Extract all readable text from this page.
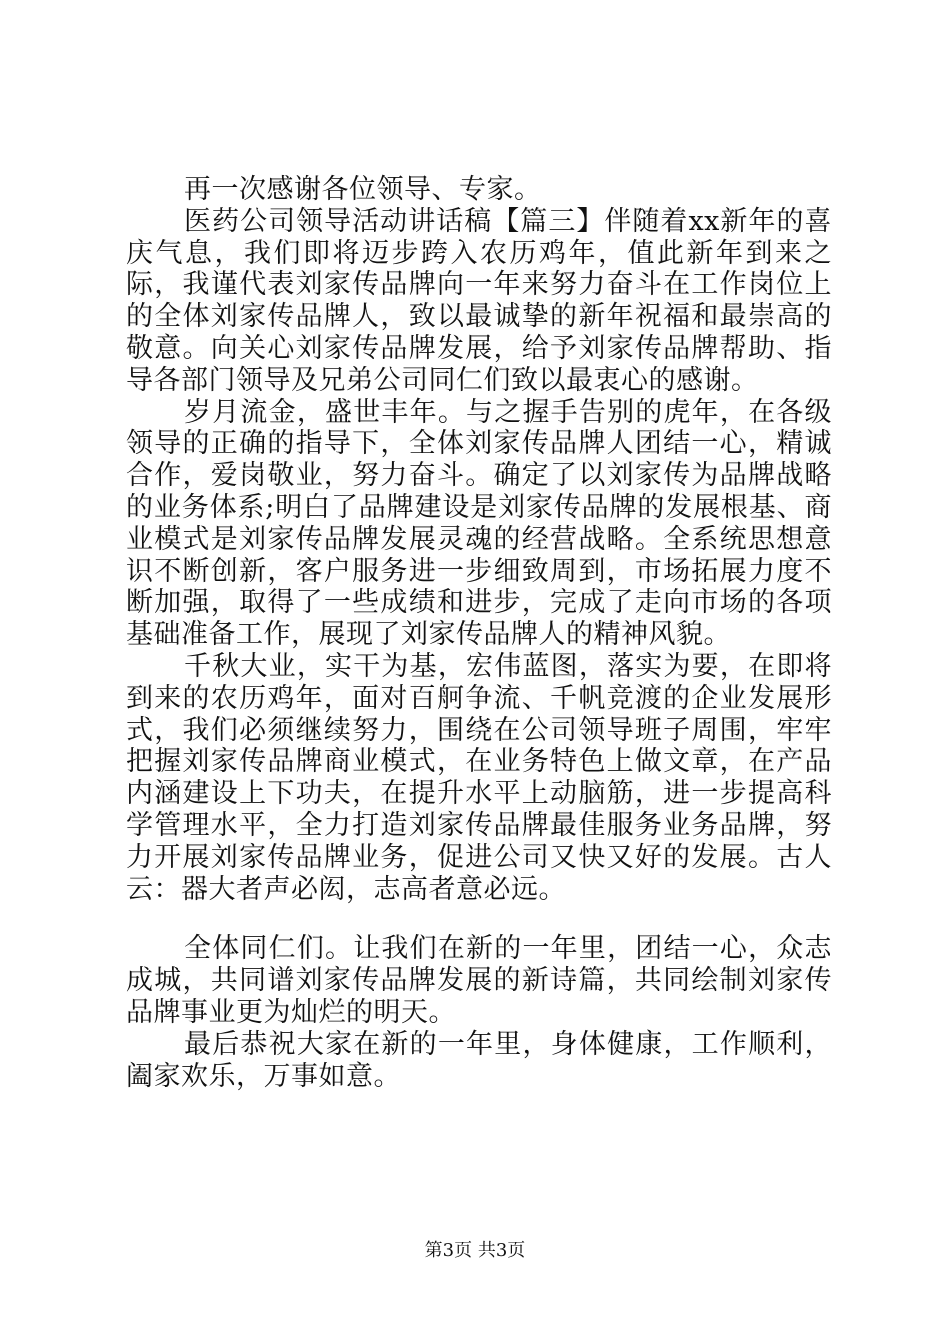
再一次感谢各位领导、专家。

医药公司领导活动讲话稿【篇三】伴随着xx新年的喜庆气息，我们即将迈步跨入农历鸡年，值此新年到来之际，我谨代表刘家传品牌向一年来努力奋斗在工作岗位上的全体刘家传品牌人，致以最诚挚的新年祝福和最崇高的敬意。向关心刘家传品牌发展，给予刘家传品牌帮助、指导各部门领导及兄弟公司同仁们致以最衷心的感谢。

岁月流金，盛世丰年。与之握手告别的虎年，在各级领导的正确的指导下，全体刘家传品牌人团结一心，精诚合作，爱岗敬业，努力奋斗。确定了以刘家传为品牌战略的业务体系;明白了品牌建设是刘家传品牌的发展根基、商业模式是刘家传品牌发展灵魂的经营战略。全系统思想意识不断创新，客户服务进一步细致周到，市场拓展力度不断加强，取得了一些成绩和进步，完成了走向市场的各项基础准备工作，展现了刘家传品牌人的精神风貌。

千秋大业，实干为基，宏伟蓝图，落实为要，在即将到来的农历鸡年，面对百舸争流、千帆竞渡的企业发展形式，我们必须继续努力，围绕在公司领导班子周围，牢牢把握刘家传品牌商业模式，在业务特色上做文章，在产品内涵建设上下功夫，在提升水平上动脑筋，进一步提高科学管理水平，全力打造刘家传品牌最佳服务业务品牌，努力开展刘家传品牌业务，促进公司又快又好的发展。古人云：器大者声必闳，志高者意必远。

全体同仁们。让我们在新的一年里，团结一心，众志成城，共同谱刘家传品牌发展的新诗篇，共同绘制刘家传品牌事业更为灿烂的明天。

最后恭祝大家在新的一年里，身体健康，工作顺利，阖家欢乐，万事如意。

第3页 共3页
